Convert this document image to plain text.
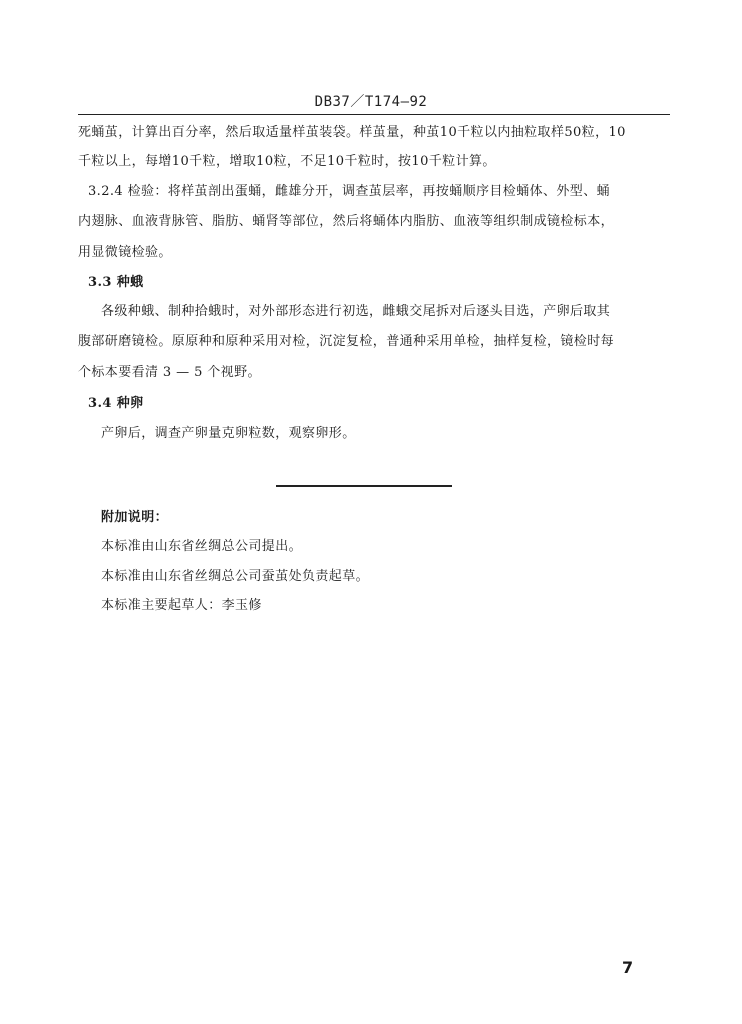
DB37／T174—92
死蛹茧，计算出百分率，然后取适量样茧装袋。样茧量，种茧10千粒以内抽粒取样50粒，10
千粒以上，每增10千粒，增取10粒，不足10千粒时，按10千粒计算。
3.2.4 检验：将样茧剖出蛋蛹，雌雄分开，调查茧层率，再按蛹顺序目检蛹体、外型、蛹
内翅脉、血液背脉管、脂肪、蛹肾等部位，然后将蛹体内脂肪、血液等组织制成镜检标本，
用显微镜检验。
3.3 种蛾
各级种蛾、制种拾蛾时，对外部形态进行初选，雌蛾交尾拆对后逐头目选，产卵后取其
腹部研磨镜检。原原种和原种采用对检，沉淀复检，普通种采用单检，抽样复检，镜检时每
个标本要看清 3 — 5 个视野。
3.4 种卵
产卵后，调查产卵量克卵粒数，观察卵形。
附加说明：
本标准由山东省丝绸总公司提出。
本标准由山东省丝绸总公司蚕茧处负责起草。
本标准主要起草人：李玉修
7
